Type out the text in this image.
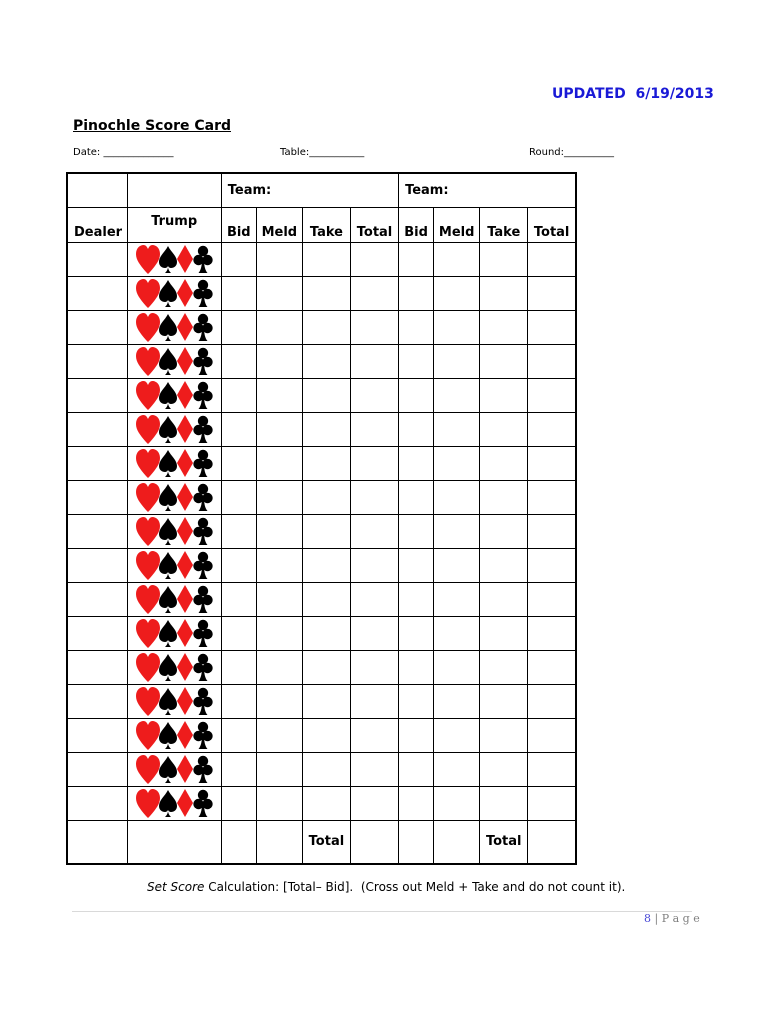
UPDATED  6/19/2013
Pinochle Score Card
Date: ______________	Table:___________	Round:__________
		Team:				Team:			
Dealer	Trump	Bid	Meld	Take	Total	Bid	Meld	Take	Total

				Total				Total	
Set Score Calculation: [Total– Bid].  (Cross out Meld + Take and do not count it).
8 | P a g e
